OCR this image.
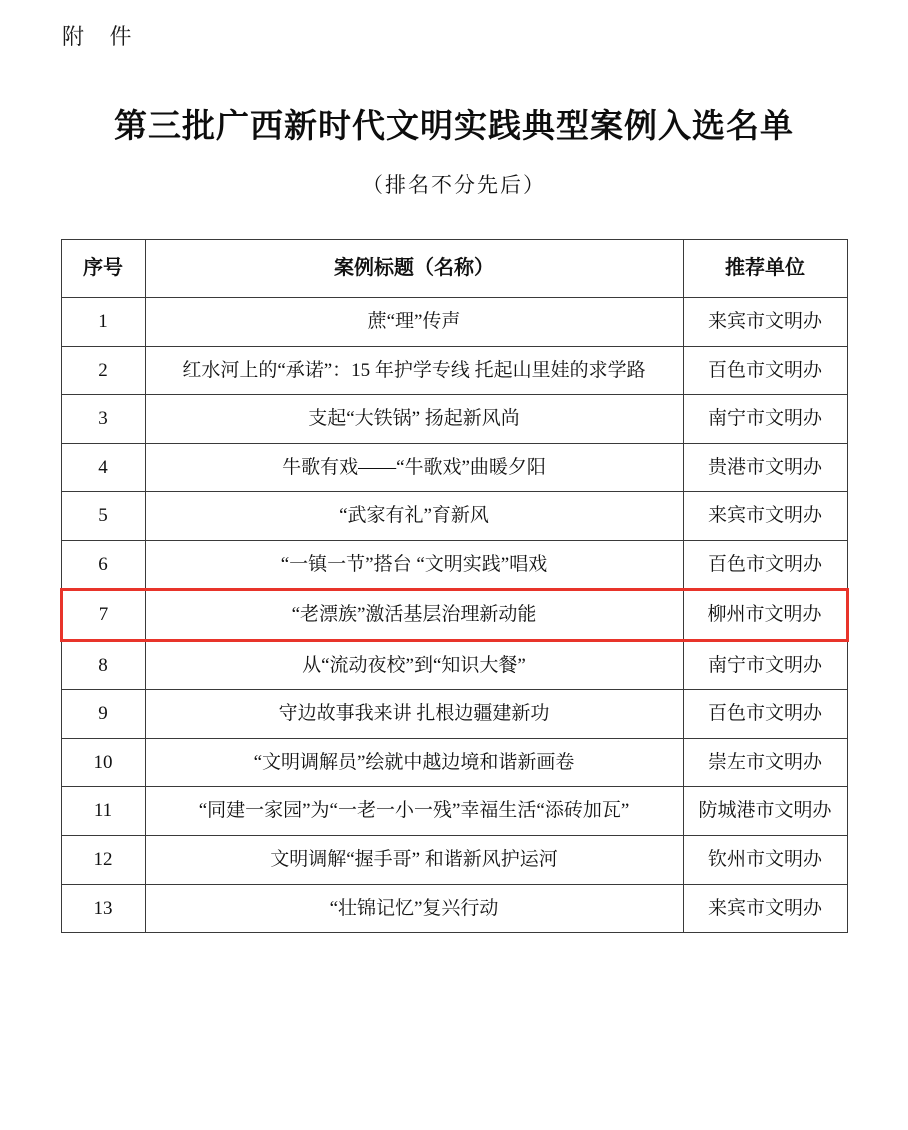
附 件
第三批广西新时代文明实践典型案例入选名单
（排名不分先后）
序号	案例标题（名称）	推荐单位
1	蔗“理”传声	来宾市文明办
2	红水河上的“承诺”：15 年护学专线 托起山里娃的求学路	百色市文明办
3	支起“大铁锅” 扬起新风尚	南宁市文明办
4	牛歌有戏——“牛歌戏”曲暖夕阳	贵港市文明办
5	“武家有礼”育新风	来宾市文明办
6	“一镇一节”搭台 “文明实践”唱戏	百色市文明办
7	“老漂族”激活基层治理新动能	柳州市文明办
8	从“流动夜校”到“知识大餐”	南宁市文明办
9	守边故事我来讲 扎根边疆建新功	百色市文明办
10	“文明调解员”绘就中越边境和谐新画卷	崇左市文明办
11	“同建一家园”为“一老一小一残”幸福生活“添砖加瓦”	防城港市文明办
12	文明调解“握手哥” 和谐新风护运河	钦州市文明办
13	“壮锦记忆”复兴行动	来宾市文明办
